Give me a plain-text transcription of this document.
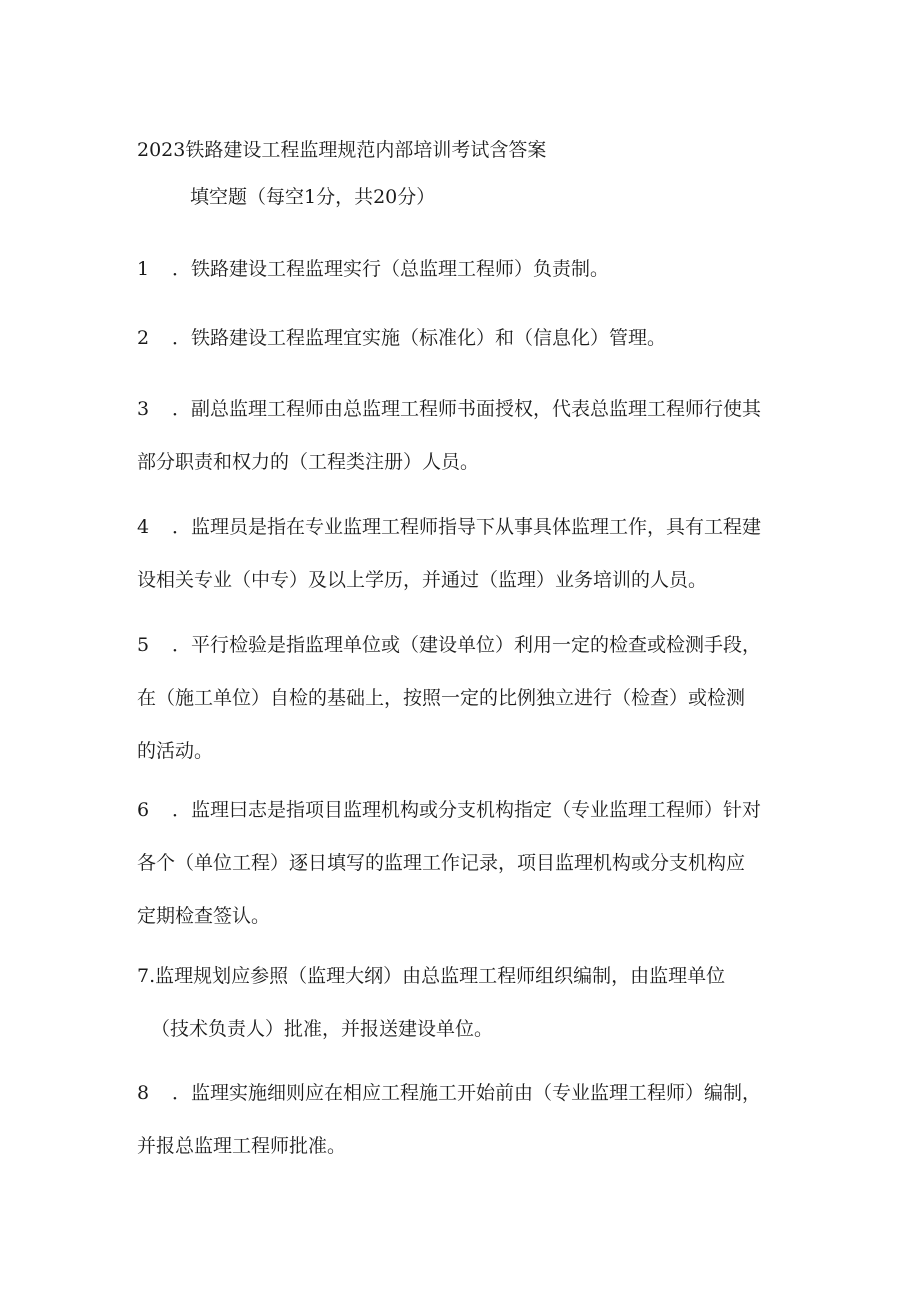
2023铁路建设工程监理规范内部培训考试含答案
填空题（每空1分，共20分）
1 ．铁路建设工程监理实行（总监理工程师）负责制。
2 ．铁路建设工程监理宜实施（标准化）和（信息化）管理。
3 ．副总监理工程师由总监理工程师书面授权，代表总监理工程师行使其
部分职责和权力的（工程类注册）人员。
4 ．监理员是指在专业监理工程师指导下从事具体监理工作，具有工程建
设相关专业（中专）及以上学历，并通过（监理）业务培训的人员。
5 ．平行检验是指监理单位或（建设单位）利用一定的检查或检测手段，
在（施工单位）自检的基础上，按照一定的比例独立进行（检查）或检测
的活动。
6 ．监理曰志是指项目监理机构或分支机构指定（专业监理工程师）针对
各个（单位工程）逐日填写的监理工作记录，项目监理机构或分支机构应
定期检查签认。
7.监理规划应参照（监理大纲）由总监理工程师组织编制，由监理单位
（技术负责人）批准，并报送建设单位。
8 ．监理实施细则应在相应工程施工开始前由（专业监理工程师）编制，
并报总监理工程师批准。
